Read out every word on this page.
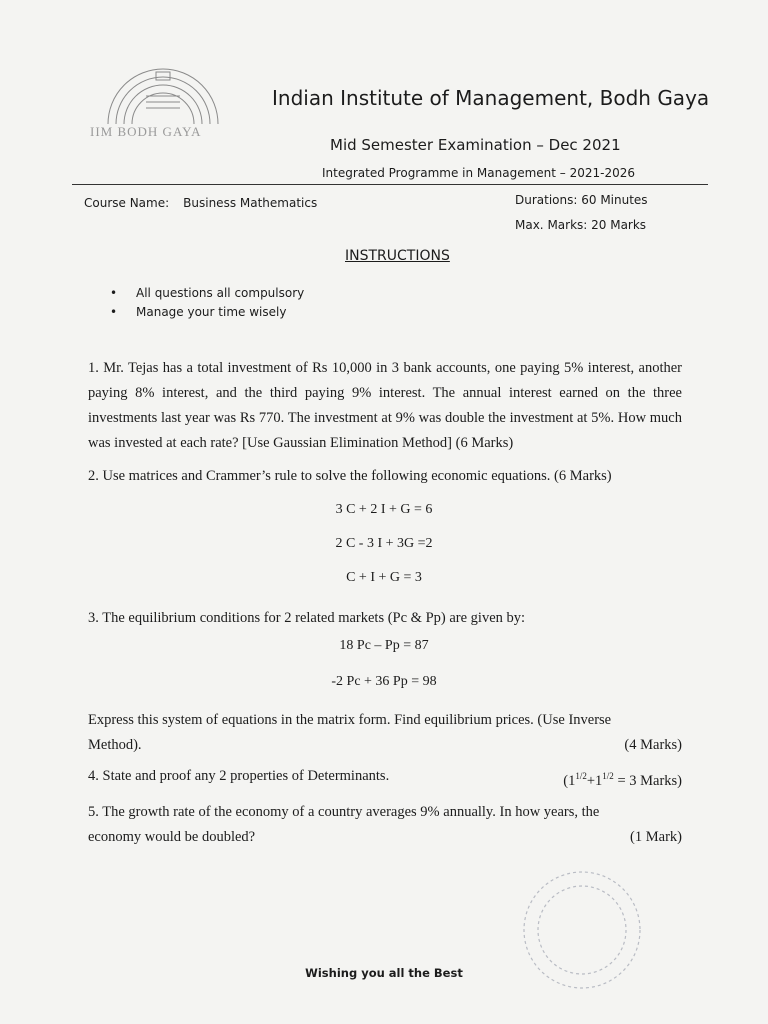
IIM BODH GAYA
Indian Institute of Management, Bodh Gaya
Mid Semester Examination – Dec 2021
Integrated Programme in Management – 2021-2026
Course Name: Business Mathematics	Durations: 60 Minutes
Max. Marks: 20 Marks
INSTRUCTIONS
• All questions all compulsory
• Manage your time wisely
1. Mr. Tejas has a total investment of Rs 10,000 in 3 bank accounts, one paying 5% interest, another paying 8% interest, and the third paying 9% interest. The annual interest earned on the three investments last year was Rs 770. The investment at 9% was double the investment at 5%. How much was invested at each rate? [Use Gaussian Elimination Method] (6 Marks)
2. Use matrices and Crammer’s rule to solve the following economic equations. (6 Marks)
3 C + 2 I + G = 6
2 C - 3 I + 3G =2
C + I + G = 3
3. The equilibrium conditions for 2 related markets (Pc & Pp) are given by:
18 Pc – Pp = 87
-2 Pc + 36 Pp = 98
Express this system of equations in the matrix form. Find equilibrium prices. (Use Inverse
Method).	(4 Marks)
4. State and proof any 2 properties of Determinants.	($1^{1/2}+1^{1/2} = 3$ Marks)
5. The growth rate of the economy of a country averages 9% annually. In how years, the
economy would be doubled?	(1 Mark)
Wishing you all the Best
